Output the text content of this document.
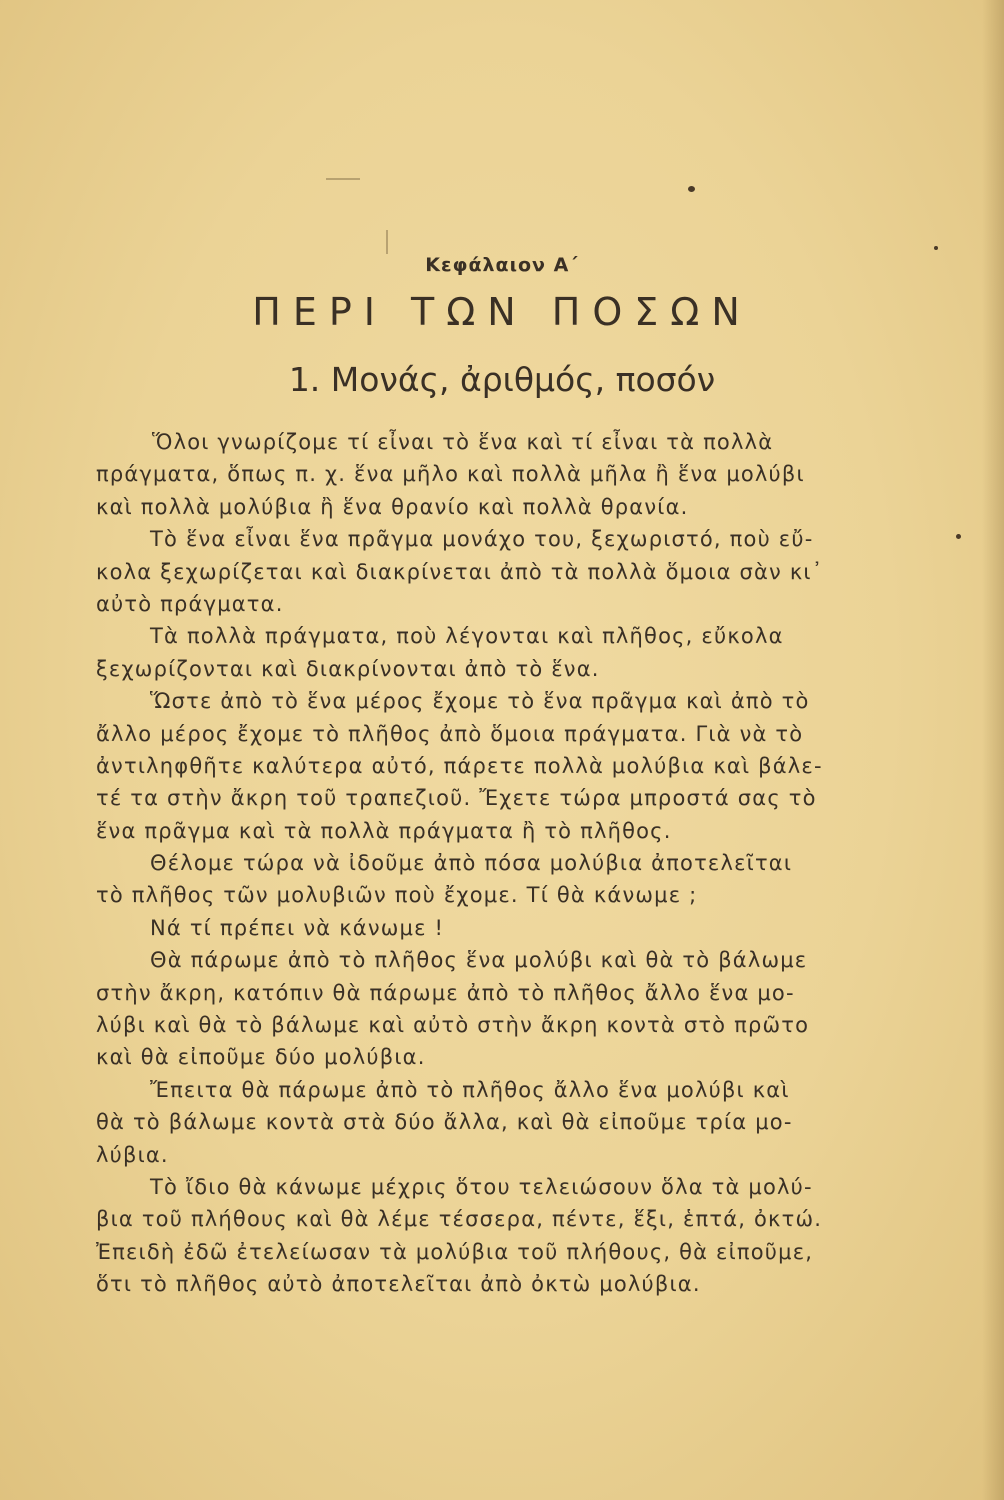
Κεφάλαιον Α΄
ΠΕΡΙ ΤΩΝ ΠΟΣΩΝ
1. Μονάς, ἀριθμός, ποσόν
Ὅλοι γνωρίζομε τί εἶναι τὸ ἕνα καὶ τί εἶναι τὰ πολλὰ
πράγματα, ὅπως π. χ. ἕνα μῆλο καὶ πολλὰ μῆλα ἢ ἕνα μολύβι
καὶ πολλὰ μολύβια ἢ ἕνα θρανίο καὶ πολλὰ θρανία.
Τὸ ἕνα εἶναι ἕνα πρᾶγμα μονάχο του, ξεχωριστό, ποὺ εὔ-
κολα ξεχωρίζεται καὶ διακρίνεται ἀπὸ τὰ πολλὰ ὅμοια σὰν κι᾿
αὐτὸ πράγματα.
Τὰ πολλὰ πράγματα, ποὺ λέγονται καὶ πλῆθος, εὔκολα
ξεχωρίζονται καὶ διακρίνονται ἀπὸ τὸ ἕνα.
Ὥστε ἀπὸ τὸ ἕνα μέρος ἔχομε τὸ ἕνα πρᾶγμα καὶ ἀπὸ τὸ
ἄλλο μέρος ἔχομε τὸ πλῆθος ἀπὸ ὅμοια πράγματα. Γιὰ νὰ τὸ
ἀντιληφθῆτε καλύτερα αὐτό, πάρετε πολλὰ μολύβια καὶ βάλε-
τέ τα στὴν ἄκρη τοῦ τραπεζιοῦ. Ἔχετε τώρα μπροστά σας τὸ
ἕνα πρᾶγμα καὶ τὰ πολλὰ πράγματα ἢ τὸ πλῆθος.
Θέλομε τώρα νὰ ἰδοῦμε ἀπὸ πόσα μολύβια ἀποτελεῖται
τὸ πλῆθος τῶν μολυβιῶν ποὺ ἔχομε. Τί θὰ κάνωμε ;
Νά τί πρέπει νὰ κάνωμε !
Θὰ πάρωμε ἀπὸ τὸ πλῆθος ἕνα μολύβι καὶ θὰ τὸ βάλωμε
στὴν ἄκρη, κατόπιν θὰ πάρωμε ἀπὸ τὸ πλῆθος ἄλλο ἕνα μο-
λύβι καὶ θὰ τὸ βάλωμε καὶ αὐτὸ στὴν ἄκρη κοντὰ στὸ πρῶτο
καὶ θὰ εἰποῦμε δύο μολύβια.
Ἔπειτα θὰ πάρωμε ἀπὸ τὸ πλῆθος ἄλλο ἕνα μολύβι καὶ
θὰ τὸ βάλωμε κοντὰ στὰ δύο ἄλλα, καὶ θὰ εἰποῦμε τρία μο-
λύβια.
Τὸ ἴδιο θὰ κάνωμε μέχρις ὅτου τελειώσουν ὅλα τὰ μολύ-
βια τοῦ πλήθους καὶ θὰ λέμε τέσσερα, πέντε, ἕξι, ἑπτά, ὀκτώ.
Ἐπειδὴ ἐδῶ ἐτελείωσαν τὰ μολύβια τοῦ πλήθους, θὰ εἰποῦμε,
ὅτι τὸ πλῆθος αὐτὸ ἀποτελεῖται ἀπὸ ὀκτὼ μολύβια.
